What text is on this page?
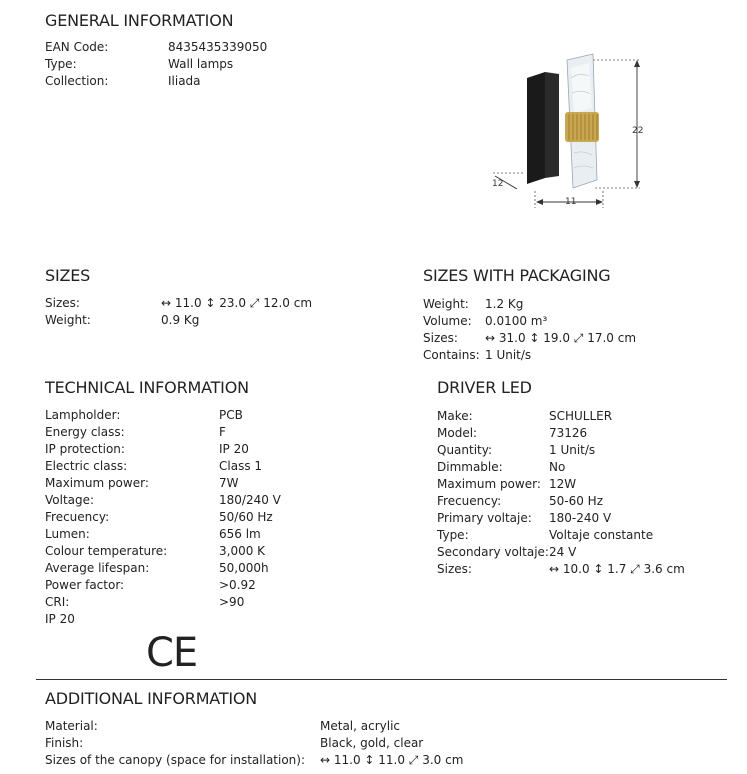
GENERAL INFORMATION
EAN Code:	8435435339050
Type:	Wall lamps
Collection:	Iliada
22
11
12
SIZES
Sizes:	↔ 11.0 ↕ 23.0 ⤢ 12.0 cm
Weight:	0.9 Kg
SIZES WITH PACKAGING
Weight: 1.2 Kg
Volume: 0.0100 m³
Sizes: ↔ 31.0 ↕ 19.0 ⤢ 17.0 cm
Contains: 1 Unit/s
TECHNICAL INFORMATION
Lampholder:	PCB
Energy class:	F
IP protection:	IP 20
Electric class:	Class 1
Maximum power:	7W
Voltage:	180/240 V
Frecuency:	50/60 Hz
Lumen:	656 lm
Colour temperature:	3,000 K
Average lifespan:	50,000h
Power factor:	>0.92
CRI:	>90
IP 20
CE
DRIVER LED
Make:	SCHULLER
Model:	73126
Quantity:	1 Unit/s
Dimmable:	No
Maximum power: 12W
Frecuency:	50-60 Hz
Primary voltaje: 180-240 V
Type:	Voltaje constante
Secondary voltaje: 24 V
Sizes:	↔ 10.0 ↕ 1.7 ⤢ 3.6 cm
ADDITIONAL INFORMATION
Material:	Metal, acrylic
Finish:	Black, gold, clear
Sizes of the canopy (space for installation): ↔ 11.0 ↕ 11.0 ⤢ 3.0 cm
